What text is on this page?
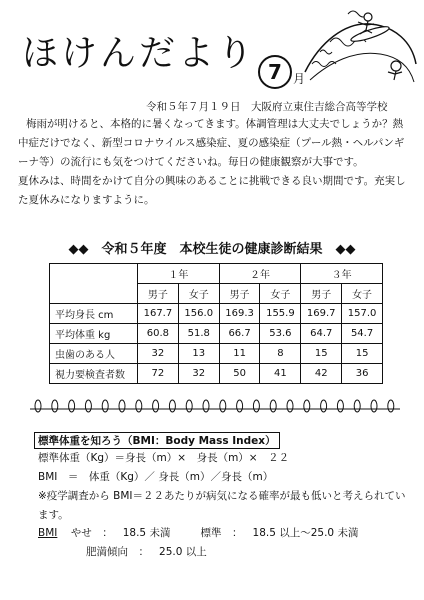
ほけんだより 7 月
令和５年７月１９日　大阪府立東住吉総合高等学校

梅雨が明けると、本格的に暑くなってきます。体調管理は大丈夫でしょうか？熱中症だけでなく、新型コロナウイルス感染症、夏の感染症（プール熱・ヘルパンギーナ等）の流行にも気をつけてくださいね。毎日の健康観察が大事です。

夏休みは、時間をかけて自分の興味のあることに挑戦できる良い期間です。充実した夏休みになりますように。

◆◆　令和５年度　本校生徒の健康診断結果　◆◆
	１年		２年		３年	
	男子	女子	男子	女子	男子	女子
平均身長 cm	167.7	156.0	169.3	155.9	169.7	157.0
平均体重 kg	60.8	51.8	66.7	53.6	64.7	54.7
虫歯のある人	32	13	11	8	15	15
視力要検査者数	72	32	50	41	42	36
標準体重を知ろう（BMI：Body Mass Index）
標準体重（Kg）＝身長（m）×　身長（m）×　２２
BMI　＝　体重（Kg）／ 身長（m）／身長（m）
※疫学調査から BMI＝２２あたりが病気になる確率が最も低いと考えられています。
BMI やせ　： 18.5 未満	標準　： 18.5 以上～25.0 未満
肥満傾向　： 25.0 以上
